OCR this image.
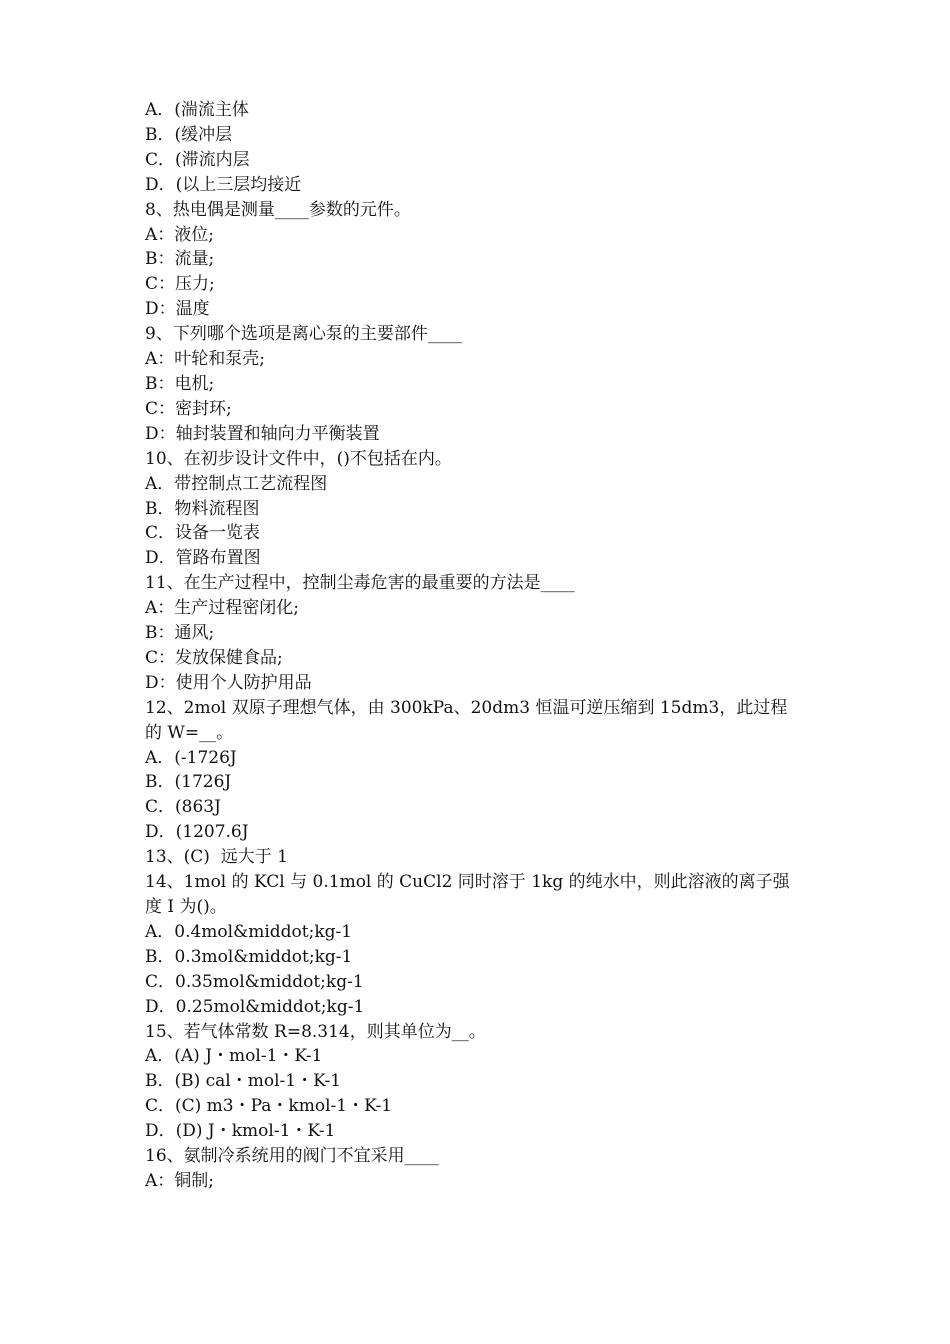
A．(湍流主体
B．(缓冲层
C．(滞流内层
D．(以上三层均接近
8、热电偶是测量____参数的元件。
A：液位;
B：流量;
C：压力;
D：温度
9、下列哪个选项是离心泵的主要部件____
A：叶轮和泵壳;
B：电机;
C：密封环;
D：轴封装置和轴向力平衡装置
10、在初步设计文件中，()不包括在内。
A．带控制点工艺流程图
B．物料流程图
C．设备一览表
D．管路布置图
11、在生产过程中，控制尘毒危害的最重要的方法是____
A：生产过程密闭化;
B：通风;
C：发放保健食品;
D：使用个人防护用品
12、2mol 双原子理想气体，由 300kPa、20dm3 恒温可逆压缩到 15dm3，此过程
的 W=__。
A．(-1726J
B．(1726J
C．(863J
D．(1207.6J
13、(C)  远大于 1
14、1mol 的 KCl 与 0.1mol 的 CuCl2 同时溶于 1kg 的纯水中，则此溶液的离子强
度 I 为()。
A．0.4mol&middot;kg-1
B．0.3mol&middot;kg-1
C．0.35mol&middot;kg-1
D．0.25mol&middot;kg-1
15、若气体常数 R=8.314，则其单位为__。
A．(A) J・mol-1・K-1
B．(B) cal・mol-1・K-1
C．(C) m3・Pa・kmol-1・K-1
D．(D) J・kmol-1・K-1
16、氨制冷系统用的阀门不宜采用____
A：铜制;
